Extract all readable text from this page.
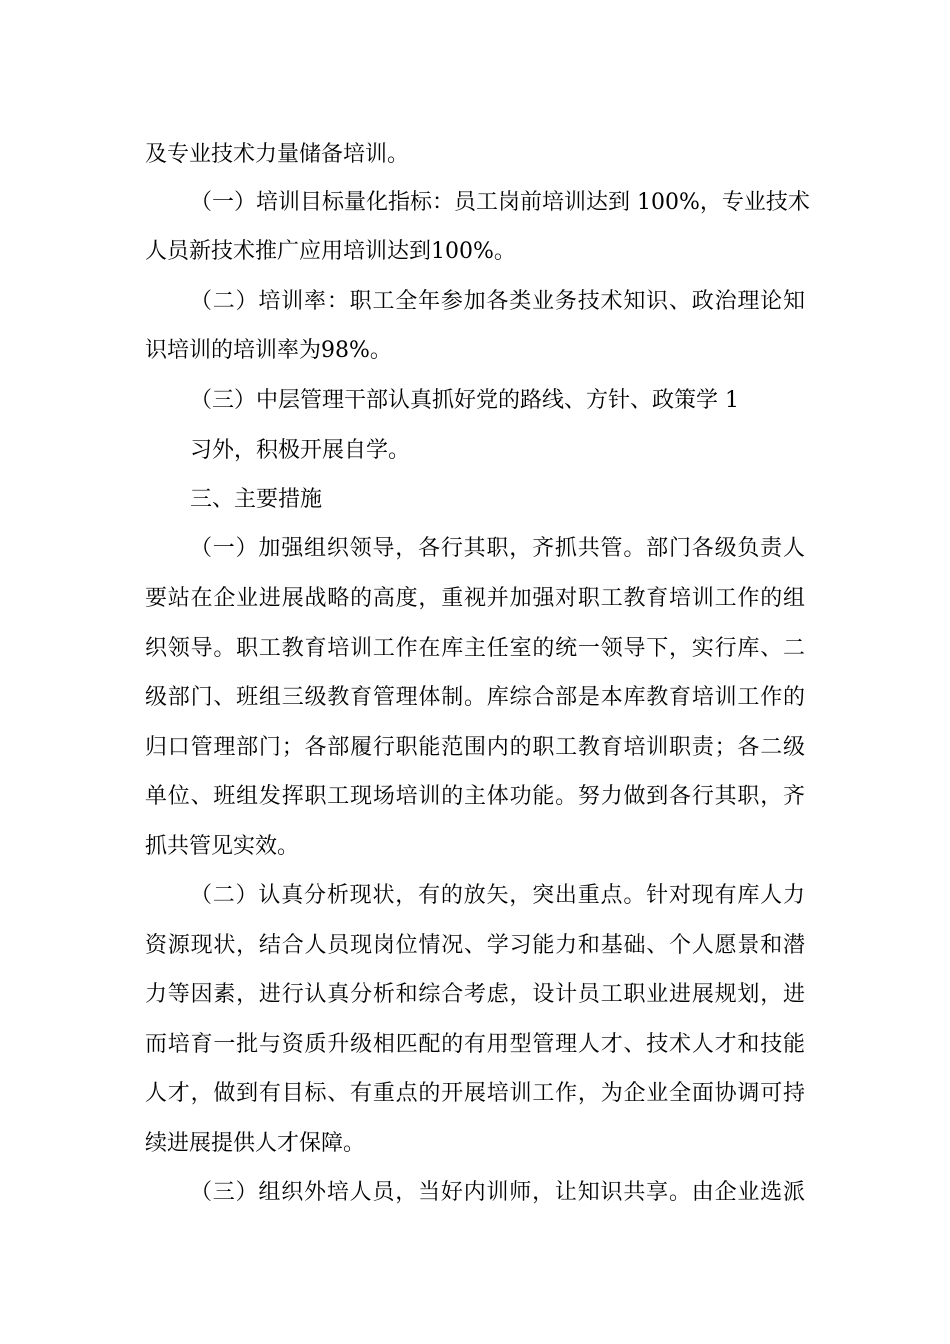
及专业技术力量储备培训。
（一）培训目标量化指标：员工岗前培训达到 100%，专业技术
人员新技术推广应用培训达到100%。
（二）培训率：职工全年参加各类业务技术知识、政治理论知
识培训的培训率为98%。
（三）中层管理干部认真抓好党的路线、方针、政策学 1
习外，积极开展自学。
三、主要措施
（一）加强组织领导，各行其职，齐抓共管。部门各级负责人
要站在企业进展战略的高度，重视并加强对职工教育培训工作的组
织领导。职工教育培训工作在库主任室的统一领导下，实行库、二
级部门、班组三级教育管理体制。库综合部是本库教育培训工作的
归口管理部门；各部履行职能范围内的职工教育培训职责；各二级
单位、班组发挥职工现场培训的主体功能。努力做到各行其职，齐
抓共管见实效。
（二）认真分析现状，有的放矢，突出重点。针对现有库人力
资源现状，结合人员现岗位情况、学习能力和基础、个人愿景和潜
力等因素，进行认真分析和综合考虑，设计员工职业进展规划，进
而培育一批与资质升级相匹配的有用型管理人才、技术人才和技能
人才，做到有目标、有重点的开展培训工作，为企业全面协调可持
续进展提供人才保障。
（三）组织外培人员，当好内训师，让知识共享。由企业选派
